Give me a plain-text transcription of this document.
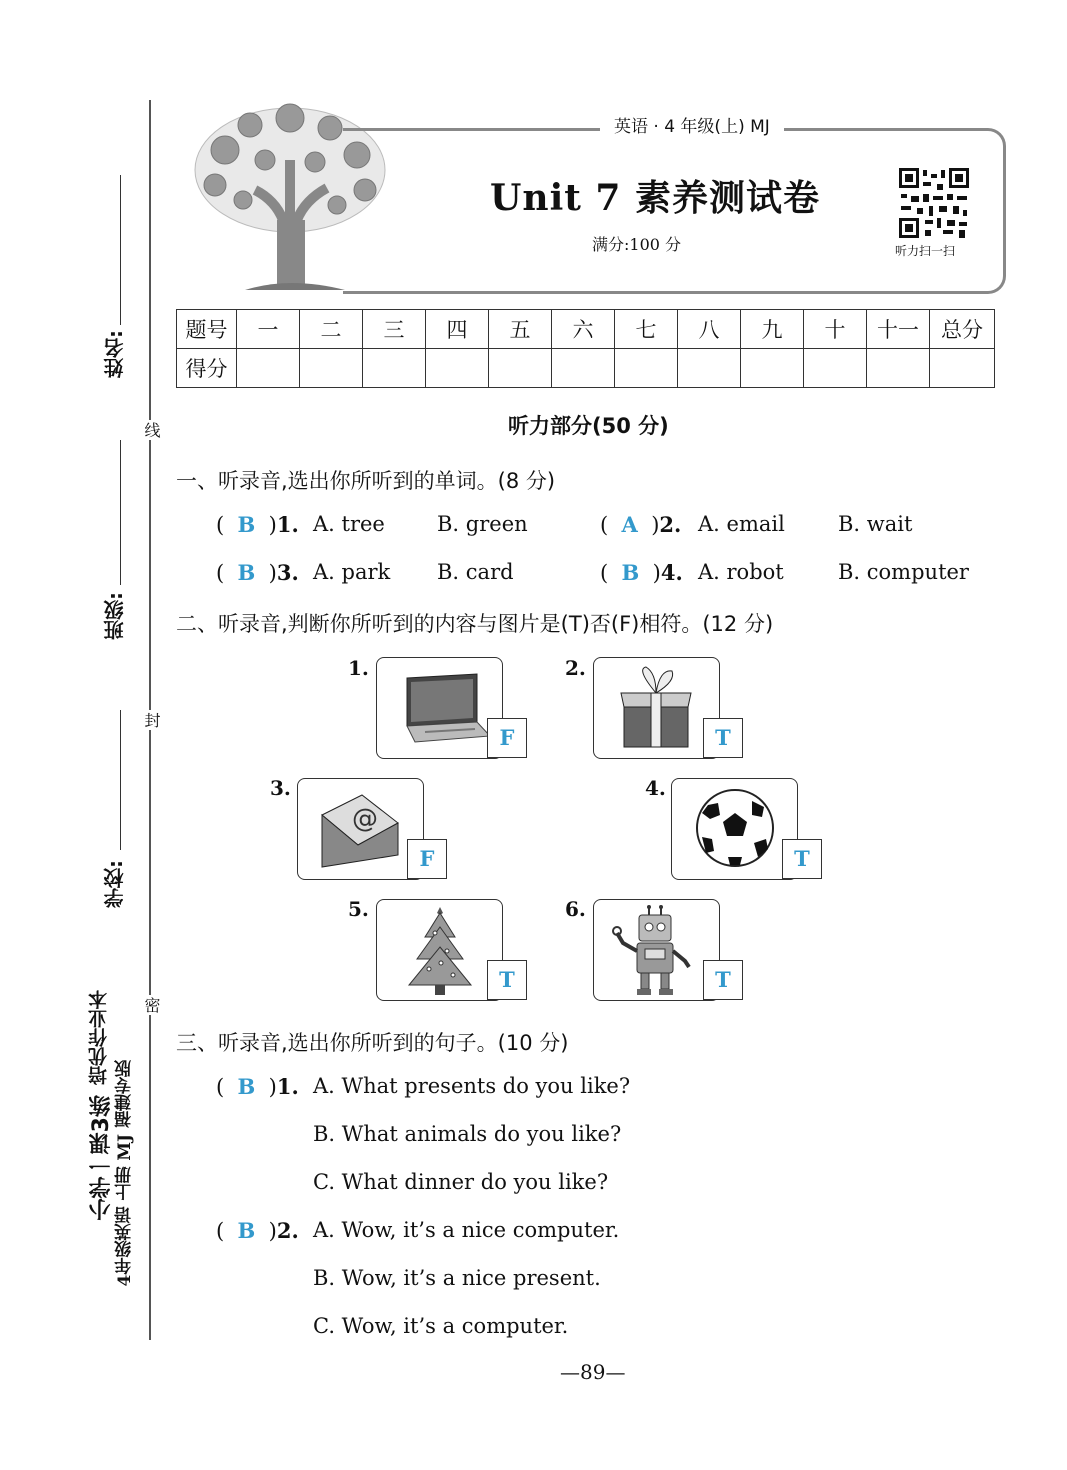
姓名:
班级:
学校:
线
封
密
培优作业本
小学一课3练 4年级英语 上册 MJ 福建专版
英语 · 4 年级(上) MJ
Unit 7 素养测试卷
满分:100 分	听力扫一扫
题号	一	二	三	四	五	六	七	八	九	十	十一	总分
得分												
听力部分(50 分)
一、听录音,选出你所听到的单词。(8 分)
(  B  )1. A. tree B. green	(  A  )2. A. email	B. wait
(  B  )3. A. park B. card	(  B  )4. A. robot	B. computer
二、听录音,判断你所听到的内容与图片是(T)否(F)相符。(12 分)
1.
F
2.
T
3.
@
F
4.
T
5.
T
6.
T
三、听录音,选出你所听到的句子。(10 分)
(  B  )1. A. What presents do you like?
B. What animals do you like?
C. What dinner do you like?
(  B  )2. A. Wow, it’s a nice computer.
B. Wow, it’s a nice present.
C. Wow, it’s a computer.
—89—
